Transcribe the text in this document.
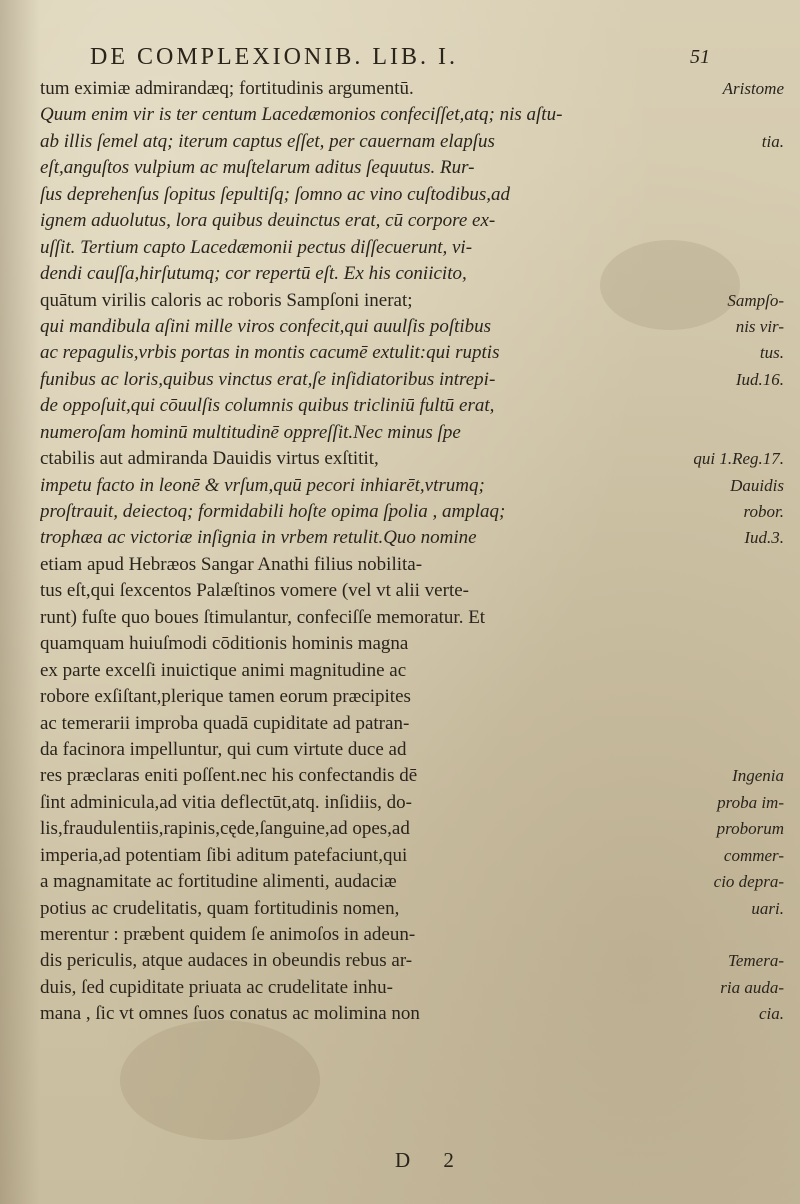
DE COMPLEXIONIB. LIB. I.	51
tum eximiæ admirandæq; fortitudinis argumentū.	Aristome
Quum enim vir is ter centum Lacedæmonios confeciſſet,atq; nis aſtu-
ab illis ſemel atq; iterum captus eſſet, per cauernam elapſus	tia.
eſt,anguſtos vulpium ac muſtelarum aditus ſequutus. Rur-
ſus deprehenſus ſopitus ſepultiſq; ſomno ac vino cuſtodibus,ad
ignem aduolutus, lora quibus deuinctus erat, cū corpore ex-
uſſit. Tertium capto Lacedæmonii pectus diſſecuerunt, vi-
dendi cauſſa,hirſutumq; cor repertū eſt. Ex his coniicito,
quātum virilis caloris ac roboris Sampſoni inerat;	Sampſo-
qui mandibula aſini mille viros confecit,qui auulſis poſtibus	nis vir-
ac repagulis,vrbis portas in montis cacumē extulit:qui ruptis	tus.
funibus ac loris,quibus vinctus erat,ſe inſidiatoribus intrepi-	Iud.16.
de oppoſuit,qui cōuulſis columnis quibus tricliniū fultū erat,
numeroſam hominū multitudinē oppreſſit.Nec minus ſpe
ctabilis aut admiranda Dauidis virtus exſtitit,	qui 1.Reg.17.
impetu facto in leonē & vrſum,quū pecori inhiarēt,vtrumq;	Dauidis
proſtrauit, deiectoq; formidabili hoſte opima ſpolia , amplaq;	robor.
trophæa ac victoriæ inſignia in vrbem retulit.Quo nomine	Iud.3.
etiam apud Hebræos Sangar Anathi filius nobilita-
tus eſt,qui ſexcentos Palæſtinos vomere (vel vt alii verte-
runt) fuſte quo boues ſtimulantur, confeciſſe memoratur. Et
quamquam huiuſmodi cōditionis hominis magna
ex parte excelſi inuictique animi magnitudine ac
robore exſiſtant,plerique tamen eorum præcipites
ac temerarii improba quadā cupiditate ad patran-
da facinora impelluntur, qui cum virtute duce ad
res præclaras eniti poſſent.nec his confectandis dē	Ingenia
ſint adminicula,ad vitia deflectūt,atq. inſidiis, do-	proba im-
lis,fraudulentiis,rapinis,cęde,ſanguine,ad opes,ad	proborum
imperia,ad potentiam ſibi aditum patefaciunt,qui	commer-
a magnamitate ac fortitudine alimenti, audaciæ	cio depra-
potius ac crudelitatis, quam fortitudinis nomen,	uari.
merentur : præbent quidem ſe animoſos in adeun-
dis periculis, atque audaces in obeundis rebus ar-	Temera-
duis, ſed cupiditate priuata ac crudelitate inhu-	ria auda-
mana , ſic vt omnes ſuos conatus ac molimina non	cia.
D 2
